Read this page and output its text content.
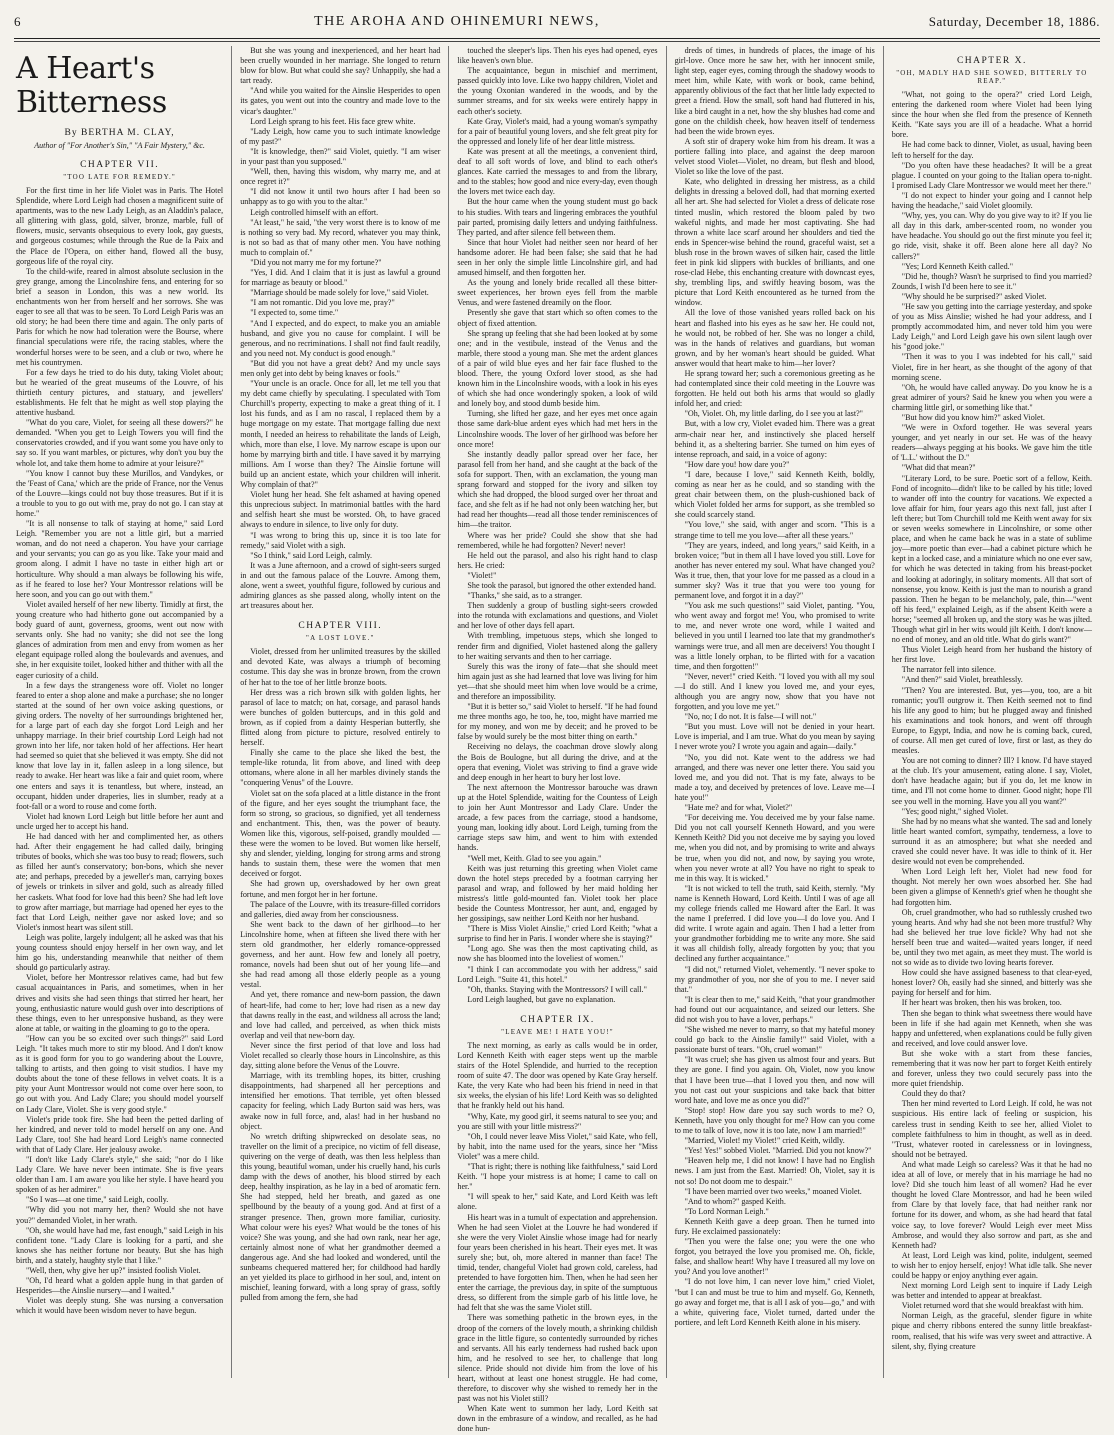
6	THE AROHA AND OHINEMURI NEWS,	Saturday, December 18, 1886.
A Heart's Bitterness
By BERTHA M. CLAY,
Author of "For Another's Sin," "A Fair Mystery," &c.
CHAPTER VII.
"TOO LATE FOR REMEDY."

For the first time in her life Violet was in Paris. The Hotel Splendide, where Lord Leigh had chosen a magnificent suite of apartments, was to the new Lady Leigh, as an Aladdin's palace, all glittering with glass, gold, silver, bronze, marble, full of flowers, music, servants obsequious to every look, gay guests, and gorgeous costumes; while through the Rue de la Paix and the Place de l'Opera, on either hand, flowed all the busy, gorgeous life of the royal city.

To the child-wife, reared in almost absolute seclusion in the grey grange, among the Lincolnshire fens, and entering for so brief a season in London, this was a new world. Its enchantments won her from herself and her sorrows. She was eager to see all that was to be seen. To Lord Leigh Paris was an old story; he had been there time and again. The only parts of Paris for which he now had toleration were the Bourse, where financial speculations were rife, the racing stables, where the wonderful horses were to be seen, and a club or two, where he met his countrymen.

For a few days he tried to do his duty, taking Violet about; but he wearied of the great museums of the Louvre, of his thirtieth century pictures, and statuary, and jewellers' establishments. He felt that he might as well stop playing the attentive husband.

"What do you care, Violet, for seeing all these dowers?" he demanded. "When you get to Leigh Towers you will find the conservatories crowded, and if you want some you have only to say so. If you want marbles, or pictures, why don't you buy the whole lot, and take them home to admire at your leisure?"

"You know I cannot buy these Murillos, and Vandykes, or the 'Feast of Cana,' which are the pride of France, nor the Venus of the Louvre—kings could not buy those treasures. But if it is a trouble to you to go out with me, pray do not go. I can stay at home."

"It is all nonsense to talk of staying at home," said Lord Leigh. "Remember you are not a little girl, but a married woman, and do not need a chaperon. You have your carriage and your servants; you can go as you like. Take your maid and groom along. I admit I have no taste in either high art or horticulture. Why should a man always be following his wife, as if he feared to lose her? Your Montressor relations will be here soon, and you can go out with them."

Violet availed herself of her new liberty. Timidly at first, the young creature who had hitherto gone out accompanied by a body guard of aunt, governess, grooms, went out now with servants only. She had no vanity; she did not see the long glances of admiration from men and envy from women as her elegant equipage rolled along the boulevards and avenues, and she, in her exquisite toilet, looked hither and thither with all the eager curiosity of a child.

In a few days the strangeness wore off. Violet no longer feared to enter a shop alone and make a purchase; she no longer started at the sound of her own voice asking questions, or giving orders. The novelty of her surroundings brightened her, for a large part of each day she forgot Lord Leigh and her unhappy marriage. In their brief courtship Lord Leigh had not grown into her life, nor taken hold of her affections. Her heart had seemed so quiet that she believed it was empty. She did not know that love lay in it, fallen asleep in a long silence, but ready to awake. Her heart was like a fair and quiet room, where one enters and says it is tenantless, but where, instead, an occupant, hidden under draperies, lies in slumber, ready at a foot-fall or a word to rouse and come forth.

Violet had known Lord Leigh but little before her aunt and uncle urged her to accept his hand.

He had danced with her and complimented her, as others had. After their engagement he had called daily, bringing tributes of books, which she was too busy to read; flowers, such as filled her aunt's conservatory; bon-bons, which she never ate; and perhaps, preceded by a jeweller's man, carrying boxes of jewels or trinkets in silver and gold, such as already filled her caskets. What food for love had this been? She had left love to grow after marriage, but marriage had opened her eyes to the fact that Lord Leigh, neither gave nor asked love; and so Violet's inmost heart was silent still.

Leigh was polite, largely indulgent; all he asked was that his young countess should enjoy herself in her own way, and let him go his, understanding meanwhile that neither of them should go particularly astray.

Violet, before her Montressor relatives came, had but few casual acquaintances in Paris, and sometimes, when in her drives and visits she had seen things that stirred her heart, her young, enthusiastic nature would gush over into descriptions of these things, even to her unresponsive husband, as they were alone at table, or waiting in the gloaming to go to the opera.

"How can you be so excited over such things?" said Lord Leigh. "It takes much more to stir my blood. And I don't know as it is good form for you to go wandering about the Louvre, talking to artists, and then going to visit studios. I have my doubts about the tone of these fellows in velvet coats. It is a pity your Aunt Montressor would not come over here soon, to go out with you. And Lady Clare; you should model yourself on Lady Clare, Violet. She is very good style."

Violet's pride took fire. She had been the petted darling of her kindred, and never told to model herself on any one. And Lady Clare, too! She had heard Lord Leigh's name connected with that of Lady Clare. Her jealousy awoke.

"I don't like Lady Clare's style," she said; "nor do I like Lady Clare. We have never been intimate. She is five years older than I am. I am aware you like her style. I have heard you spoken of as her admirer."

"So I was—at one time," said Leigh, coolly.

"Why did you not marry her, then? Would she not have you?" demanded Violet, in her wrath.

"Oh, she would have had me, fast enough," said Leigh in his confident tone. "Lady Clare is looking for a partí, and she knows she has neither fortune nor beauty. But she has high birth, and a stately, haughty style that I like."

"Well, then, why give her up?" insisted foolish Violet.

"Oh, I'd heard what a golden apple hung in that garden of Hesperides—the Ainslie nursery—and I waited."

Violet was deeply stung. She was nursing a conversation which it would have been wisdom never to have begun.

But she was young and inexperienced, and her heart had been cruelly wounded in her marriage. She longed to return blow for blow. But what could she say? Unhappily, she had a tart ready.

"And while you waited for the Ainslie Hesperides to open its gates, you went out into the country and made love to the vicar's daughter."

Lord Leigh sprang to his feet. His face grew white.

"Lady Leigh, how came you to such intimate knowledge of my past?"

"It is knowledge, then?" said Violet, quietly. "I am wiser in your past than you supposed."

"Well, then, having this wisdom, why marry me, and at once regret it?"

"I did not know it until two hours after I had been so unhappy as to go with you to the altar."

Leigh controlled himself with an effort.

"At least," he said, "the very worst there is to know of me is nothing so very bad. My record, whatever you may think, is not so bad as that of many other men. You have nothing much to complain of."

"Did you not marry me for my fortune?"

"Yes, I did. And I claim that it is just as lawful a ground for marriage as beauty or blood."

"Marriage should be made solely for love," said Violet.

"I am not romantic. Did you love me, pray?"

"I expected to, some time."

"And I expected, and do expect, to make you an amiable husband, and give you no cause for complaint. I will be generous, and no recriminations. I shall not find fault readily, and you need not. My conduct is good enough."

"But did you not have a great debt? And my uncle says men only get into debt by being knaves or fools."

"Your uncle is an oracle. Once for all, let me tell you that my debt came chiefly by speculating. I speculated with Tom Churchill's property, expecting to make a great thing of it. I lost his funds, and as I am no rascal, I replaced them by a huge mortgage on my estate. That mortgage falling due next month, I needed an heiress to rehabilitate the lands of Leigh, which, more than else, I love. My narrow escape is upon our home by marrying birth and title. I have saved it by marrying millions. Am I worse than they? The Ainslie fortune will build up an ancient estate, which your children will inherit. Why complain of that?"

Violet hung her head. She felt ashamed at having opened this unprecious subject. In matrimonial battles with the hard and selfish heart she must be worsted. Oh, to have graced always to endure in silence, to live only for duty.

"I was wrong to bring this up, since it is too late for remedy," said Violet with a sigh.

"So I think," said Lord Leigh, calmly.

It was a June afternoon, and a crowd of sight-seers surged in and out the famous palace of the Louvre. Among them, alone, went a sweet, youthful figure, followed by curious and admiring glances as she passed along, wholly intent on the art treasures about her.

CHAPTER VIII.
"A LOST LOVE."

Violet, dressed from her unlimited treasures by the skilled and devoted Kate, was always a triumph of becoming costume. This day she was in bronze brown, from the crown of her hat to the toe of her little bronze boots.

Her dress was a rich brown silk with golden lights, her parasol of lace to match; on hat, corsage, and parasol hands were bunches of golden buttercups, and in this gold and brown, as if copied from a dainty Hesperian butterfly, she flitted along from picture to picture, resolved entirely to herself.

Finally she came to the place she liked the best, the temple-like rotunda, lit from above, and lined with deep ottomans, where alone in all her marbles divinely stands the "conquering Venus" of the Louvre.

Violet sat on the sofa placed at a little distance in the front of the figure, and her eyes sought the triumphant face, the form so strong, so gracious, so dignified, yet all tenderness and enchantment. This, then, was the power of beauty. Women like this, vigorous, self-poised, grandly moulded —these were the women to be loved. But women like herself, shy and slender, yielding, longing for strong arms and strong hands to sustain them, these were the women that men deceived or forgot.

She had grown up, overshadowed by her own great fortune, and men forgot her in her fortune.

The palace of the Louvre, with its treasure-filled corridors and galleries, died away from her consciousness.

She went back to the dawn of her girlhood—to her Lincolnshire home, when at fifteen she lived there with her stern old grandmother, her elderly romance-oppressed governess, and her aunt. How few and lonely all poetry, romance, novels had been shut out of her young life—and she had read among all those elderly people as a young vestal.

And yet, there romance and new-born passion, the dawn of heart-life, had come to her; love had risen as a new day that dawns really in the east, and wildness all across the land; and love had called, and perceived, as when thick mists overlap and veil that new-born day.

Never since the first period of that love and loss had Violet recalled so clearly those hours in Lincolnshire, as this day, sitting alone before the Venus of the Louvre.

Marriage, with its trembling hopes, its bitter, crushing disappointments, had sharpened all her perceptions and intensified her emotions. That terrible, yet often blessed capacity for feeling, which Lady Burton said was hers, was awake now in full force, and, alas! had in her husband no object.

No wretch drifting shipwrecked on desolate seas, no traveller on the limit of a precipice, no victim of fell disease, quivering on the verge of death, was then less helpless than this young, beautiful woman, under his cruelly hand, his curls damp with the dews of another, his blood stirred by each deep, healthy inspiration, as he lay in a bed of aromatic fern. She had stepped, held her breath, and gazed as one spellbound by the beauty of a young god. And at first of a stranger presence. Then, grown more familiar, curiosity. What colour were his eyes? What would be the tones of his voice? She was young, and she had own rank, near her age, certainly almost none of what her grandmother deemed a dangerous age. And she had looked and wondered, until the sunbeams chequered mattered her; for childhood had hardly an yet yielded its place to girlhood in her soul, and, intent on mischief, leaning forward, with a long spray of grass, softly pulled from among the fern, she had

touched the sleeper's lips. Then his eyes had opened, eyes like heaven's own blue.

The acquaintance, begun in mischief and merriment, passed quickly into love. Like two happy children, Violet and the young Oxonian wandered in the woods, and by the summer streams, and for six weeks were entirely happy in each other's society.

Kate Gray, Violet's maid, had a young woman's sympathy for a pair of beautiful young lovers, and she felt great pity for the oppressed and lonely life of her dear little mistress.

Kate was present at all the meetings, a convenient third, deaf to all soft words of love, and blind to each other's glances. Kate carried the messages to and from the library, and to the stables; how good and nice every-day, even though the lovers met twice each day.

But the hour came when the young student must go back to his studies. With tears and lingering embraces the youthful pair parted, promising daily letters and undying faithfulness. They parted, and after silence fell between them.

Since that hour Violet had neither seen nor heard of her handsome adorer. He had been false; she said that he had seen in her only the simple little Lincolnshire girl, and had amused himself, and then forgotten her.

As the young and lonely bride recalled all these bitter-sweet experiences, her brown eyes fell from the marble Venus, and were fastened dreamily on the floor.

Presently she gave that start which so often comes to the object of fixed attention.

She sprang up feeling that she had been looked at by some one; and in the vestibule, instead of the Venus and the marble, there stood a young man. She met the ardent glances of a pair of wild blue eyes and her fair face flushed to the blood. There, the young Oxford lover stood, as she had known him in the Lincolnshire woods, with a look in his eyes of which she had once wonderingly spoken, a look of wild and lonely boy, and stood dumb beside him.

Turning, she lifted her gaze, and her eyes met once again those same dark-blue ardent eyes which had met hers in the Lincolnshire woods. The lover of her girlhood was before her once more!

She instantly deadly pallor spread over her face, her parasol fell from her hand, and she caught at the back of the sofa for support. Then, with an exclamation, the young man sprang forward and stopped for the ivory and silken toy which she had dropped, the blood surged over her throat and face, and she felt as if he had not only been watching her, but had read her thoughts—read all those tender reminiscences of him—the traitor.

Where was her pride? Could she show that she had remembered, while he had forgotten? Never! never!

He held out the parasol, and also his right hand to clasp hers. He cried:

"Violet!"

She took the parasol, but ignored the other extended hand.

"Thanks," she said, as to a stranger.

Then suddenly a group of bustling sight-seers crowded into the rotunda with exclamations and questions, and Violet and her love of other days fell apart.

With trembling, impetuous steps, which she longed to render firm and dignified, Violet hastened along the gallery to her waiting servants and then to her carriage.

Surely this was the irony of fate—that she should meet him again just as she had learned that love was living for him yet—that she should meet him when love would be a crime, and therefore an impossibility.

"But it is better so," said Violet to herself. "If he had found me three months ago, he too, he, too, might have married me for my money, and won me by deceit; and he proved to be false by would surely be the most bitter thing on earth."

Receiving no delays, the coachman drove slowly along the Bois de Boulogne, but all during the drive, and at the opera that evening, Violet was striving to find a grave wide and deep enough in her heart to bury her lost love.

The next afternoon the Montressor barouche was drawn up at the Hotel Splendide, waiting for the Countess of Leigh to join her Aunt Montressor and Lady Clare. Under the arcade, a few paces from the carriage, stood a handsome, young man, looking idly about. Lord Leigh, turning from the carriage steps saw him, and went to him with extended hands.

"Well met, Keith. Glad to see you again."

Keith was just returning this greeting when Violet came down the hotel steps preceded by a footman carrying her parasol and wrap, and followed by her maid holding her mistress's little gold-mounted fan. Violet took her place beside the Countess Montressor, her aunt, and, engaged by her gossipings, saw neither Lord Keith nor her husband.

"There is Miss Violet Ainslie," cried Lord Keith; "what a surprise to find her in Paris. I wonder where she is staying?"

"Long ago. She was then the most captivating child, as now she has bloomed into the loveliest of women."

"I think I can accommodate you with her address," said Lord Leigh. "Suite 41, this hotel."

"Oh, thanks. Staying with the Montressors? I will call."

Lord Leigh laughed, but gave no explanation.

CHAPTER IX.
"LEAVE ME! I HATE YOU!"

The next morning, as early as calls would be in order, Lord Kenneth Keith with eager steps went up the marble stairs of the Hotel Splendide, and hurried to the reception room of suite 47. The door was opened by Kate Gray herself. Kate, the very Kate who had been his friend in need in that six weeks, the elysian of his life! Lord Keith was so delighted that he frankly held out his hand.

"Why, Kate, my good girl, it seems natural to see you; and you are still with your little mistress?"

"Oh, I could never leave Miss Violet," said Kate, who fell, by habit, into the name used for the years, since her "Miss Violet" was a mere child.

"That is right; there is nothing like faithfulness," said Lord Keith. "I hope your mistress is at home; I came to call on her."

"I will speak to her," said Kate, and Lord Keith was left alone.

His heart was in a tumult of expectation and apprehension. When he had seen Violet at the Louvre he had wondered if she were the very Violet Ainslie whose image had for nearly four years been cherished in his heart. Their eyes met. It was surely she; but, oh, more altered in manner than face! The timid, tender, changeful Violet had grown cold, careless, had pretended to have forgotten him. Then, when he had seen her enter the carriage, the previous day, in spite of the sumptuous dress, so different from the simple garb of his little love, he had felt that she was the same Violet still.

There was something pathetic in the brown eyes, in the droop of the corners of the lovely mouth, a shrinking childish grace in the little figure, so contentedly surrounded by riches and servants. All his early tenderness had rushed back upon him, and he resolved to see her, to challenge that long silence. Pride should not divide him from the love of his heart, without at least one honest struggle. He had come, therefore, to discover why she wished to remedy her in the past was not his Violet still?

When Kate went to summon her lady, Lord Keith sat down in the embrasure of a window, and recalled, as he had done hun-

dreds of times, in hundreds of places, the image of his girl-love. Once more he saw her, with her innocent smile, light step, eager eyes, coming through the shadowy woods to meet him, while Kate, with work or book, came behind, apparently oblivious of the fact that her little lady expected to greet a friend. How the small, soft hand had fluttered in his, like a bird caught in a net, how the shy blushes had come and gone on the childish cheek, how heaven itself of tenderness had been the wide brown eyes.

A soft stir of drapery woke him from his dream. It was a portiere falling into place, and against the deep maroon velvet stood Violet—Violet, no dream, but flesh and blood, Violet so like the love of the past.

Kate, who delighted in dressing her mistress, as a child delights in dressing a beloved doll, had that morning exerted all her art. She had selected for Violet a dress of delicate rose tinted muslin, which restored the bloom paled by two wakeful nights, and made her most captivating. She had thrown a white lace scarf around her shoulders and tied the ends in Spencer-wise behind the round, graceful waist, set a blush rose in the brown waves of silken hair, cased the little feet in pink kid slippers with buckles of brilliants, and one rose-clad Hebe, this enchanting creature with downcast eyes, shy, trembling lips, and swiftly heaving bosom, was the picture that Lord Keith encountered as he turned from the window.

All the love of those vanished years rolled back on his heart and flashed into his eyes as he saw her. He could not, he would not, be robbed of her. She was no longer a child, was in the hands of relatives and guardians, but woman grown, and by her woman's heart should be guided. What answer would that heart make to him—her lover?

He sprang toward her; such a coremonious greeting as he had contemplated since their cold meeting in the Louvre was forgotten. He held out both his arms that would so gladly infold her, and cried:

"Oh, Violet. Oh, my little darling, do I see you at last?"

But, with a low cry, Violet evaded him. There was a great arm-chair near her, and instinctively she placed herself behind it, as a sheltering barrier. She turned on him eyes of intense reproach, and said, in a voice of agony:

"How dare you! how dare you?"

"I dare, because I love," said Kenneth Keith, boldly, coming as near her as he could, and so standing with the great chair between them, on the plush-cushioned back of which Violet folded her arms for support, as she trembled so she could scarcely stand.

"You love," she said, with anger and scorn. "This is a strange time to tell me you love—after all these years."

"They are years, indeed, and long years," said Keith, in a broken voice; "but in them all I have loved you still. Love for another has never entered my soul. What have changed you? Was it true, then, that your love for me passed as a cloud in a summer sky? Was it true that you were too young for permanent love, and forgot it in a day?"

"You ask me such questions!" said Violet, panting. "You, who went away and forgot me! You, who promised to write to me, and never wrote one word, while I waited and believed in you until I learned too late that my grandmother's warnings were true, and all men are deceivers! You thought I was a little lonely orphan, to be flirted with for a vacation time, and then forgotten!"

"Never, never!" cried Keith. "I loved you with all my soul—I do still. And I knew you loved me, and your eyes, although you are angry now, show that you have not forgotten, and you love me yet."

"No, no; I do not. It is false—I will not."

"But you must. Love will not be denied in your heart. Love is imperial, and I am true. What do you mean by saying I never wrote you? I wrote you again and again—daily."

"No, you did not. Kate went to the address we had arranged, and there was never one letter there. You said you loved me, and you did not. That is my fate, always to be made a toy, and deceived by pretences of love. Leave me—I hate you!"

"Hate me? and for what, Violet?"

"For deceiving me. You deceived me by your false name. Did you not call yourself Kenneth Howard, and you were Kenneth Keith? Did you not deceive me by saying you loved me, when you did not, and by promising to write and always be true, when you did not, and now, by saying you wrote, when you never wrote at all? You have no right to speak to me in this way. It is wicked."

"It is not wicked to tell the truth, said Keith, sternly. "My name is Kenneth Howard, Lord Keith. Until I was of age all my college friends called me Howard after the Earl. It was the name I preferred. I did love you—I do love you. And I did write. I wrote again and again. Then I had a letter from your grandmother forbidding me to write any more. She said it was all childish folly, already forgotten by you; that you declined any further acquaintance."

"I did not," returned Violet, vehemently. "I never spoke to my grandmother of you, nor she of you to me. I never said that."

"It is clear then to me," said Keith, "that your grandmother had found out our acquaintance, and seized our letters. She did not wish you to have a lover, perhaps."

"She wished me never to marry, so that my hateful money could go back to the Ainslie family!" said Violet, with a passionate burst of tears. "Oh, cruel woman!"

"It was cruel; she has given us almost four and years. But they are gone. I find you again. Oh, Violet, now you know that I have been true—that I loved you then, and now will you not cast out your suspicions and take back that bitter word hate, and love me as once you did?"

"Stop! stop! How dare you say such words to me? O, Kenneth, have you only thought for me? How can you come to me to talk of love, now it is too late, now I am married!"

"Married, Violet! my Violet!" cried Keith, wildly.

"Yes! Yes!" sobbed Violet. "Married. Did you not know?"

"Heaven help me, I did not know! I have had no English news. I am just from the East. Married! Oh, Violet, say it is not so! Do not doom me to despair."

"I have been married over two weeks," moaned Violet.

"And to whom?" gasped Keith.

"To Lord Norman Leigh."

Kenneth Keith gave a deep groan. Then he turned into fury. He exclaimed passionately:

"Then you were the false one; you were the one who forgot, you betrayed the love you promised me. Oh, fickle, false, and shallow heart! Why have I treasured all my love on you? And you love another!"

"I do not love him, I can never love him," cried Violet, "but I can and must be true to him and myself. Go, Kenneth, go away and forget me, that is all I ask of you—go," and with a white, quivering face, Violet turned, darted under the portiere, and left Lord Kenneth Keith alone in his misery.

CHAPTER X.
"OH, MADLY HAD SHE SOWED, BITTERLY TO REAP."

"What, not going to the opera?" cried Lord Leigh, entering the darkened room where Violet had been lying since the hour when she fled from the presence of Kenneth Keith. "Kate says you are ill of a headache. What a horrid bore.

He had come back to dinner, Violet, as usual, having been left to herself for the day.

"Do you often have these headaches? It will be a great plague. I counted on your going to the Italian opera to-night. I promised Lady Clare Montressor we would meet her there."

"I do not expect to hinder your going and I cannot help having the headache," said Violet gloomily.

"Why, yes, you can. Why do you give way to it? If you lie all day in this dark, amber-scented room, no wonder you have headache. You should go out the first minute you feel it; go ride, visit, shake it off. Been alone here all day? No callers?"

"Yes; Lord Kenneth Keith called."

"Did he, though? Wasn't he surprised to find you married? Zounds, I wish I'd been here to see it."

"Why should he be surprised?" asked Violet.

"He saw you getting into the carriage yesterday, and spoke of you as Miss Ainslie; wished he had your address, and I promptly accommodated him, and never told him you were Lady Leigh," and Lord Leigh gave his own silent laugh over his "good joke."

"Then it was to you I was indebted for his call," said Violet, fire in her heart, as she thought of the agony of that morning scene.

"Oh, he would have called anyway. Do you know he is a great admirer of yours? Said he knew you when you were a charming little girl, or something like that."

"But how did you know him?" asked Violet.

"We were in Oxford together. He was several years younger, and yet nearly in our set. He was of the heavy readers—always pegging at his books. We gave him the title of 'L.L.' without the D."

"What did that mean?"

"Literary Lord, to be sure. Poetic sort of a fellow, Keith. Fond of incognito—didn't like to be called by his title; loved to wander off into the country for vacations. We expected a love affair for him, four years ago this next fall, just after I left there; but Tom Churchill told me Keith went away for six or seven weeks somewhere in Lincolnshire, or some other place, and when he came back he was in a state of sublime joy—more poetic than ever—had a cabinet picture which he kept in a locked case, and a miniature which no one ever saw, for which he was detected in taking from his breast-pocket and looking at adoringly, in solitary moments. All that sort of nonsense, you know. Keith is just the man to nourish a grand passion. Then he began to be melancholy, pale, thin—"went off his feed," explained Leigh, as if the absent Keith were a horse; "seemed all broken up, and the story was he was jilted. Though what girl in her wits would jilt Keith. I don't know—no end of money, and an old title. What do girls want?"

Thus Violet Leigh heard from her husband the history of her first love.

The narrator fell into silence.

"And then?" said Violet, breathlessly.

"Then? You are interested. But, yes—you, too, are a bit romantic; you'll outgrow it. Then Keith seemed not to find his life any good to him; but he plugged away and finished his examinations and took honors, and went off through Europe, to Egypt, India, and now he is coming back, cured, of course. All men get cured of love, first or last, as they do measles.

You are not coming to dinner? Ill? I know. I'd have stayed at the club. It's your amusement, eating alone. I say, Violet, don't have headache again; but if you do, let me know in time, and I'll not come home to dinner. Good night; hope I'll see you well in the morning. Have you all you want?"

"Yes; good night," sighed Violet.

She had by no means what she wanted. The sad and lonely little heart wanted comfort, sympathy, tenderness, a love to surround it as an atmosphere; but what she needed and craved she could never have. It was idle to think of it. Her desire would not even be comprehended.

When Lord Leigh left her, Violet had new food for thought. Not merely her own woes absorbed her. She had been given a glimpse of Kenneth's grief when he thought she had forgotten him.

Oh, cruel grandmother, who had so ruthlessly crushed two young hearts. And why had she not been more trustful? Why had she believed her true love fickle? Why had not she herself been true and waited—waited years longer, if need be, until they two met again, as meet they must. The world is not so wide as to divide two loving hearts forever.

How could she have assigned baseness to that clear-eyed, honest lover? Oh, easily had she sinned, and bitterly was she paying for herself and for him.

If her heart was broken, then his was broken, too.

Then she began to think what sweetness there would have been in life if she had again met Kenneth, when she was happy and unfettered, when explanations could be fully given and received, and love could answer love.

But she woke with a start from these fancies, remembering that it was now her part to forget Keith entirely and forever, unless they two could securely pass into the more quiet friendship.

Could they do that?

Then her mind reverted to Lord Leigh. If cold, he was not suspicious. His entire lack of feeling or suspicion, his careless trust in sending Keith to see her, allied Violet to complete faithfulness to him in thought, as well as in deed. "Trust, whatever rooted in carelessness or in lovingness, should not be betrayed.

And what made Leigh so careless? Was it that he had no idea at all of love, or merely that in his marriage he had no love? Did she touch him least of all women? Had he ever thought he loved Clare Montressor, and had he been wiled from Clare by that lovely face, that had neither rank nor fortune for its dower, and whom, as she had heard that fatal voice say, to love forever? Would Leigh ever meet Miss Ambrose, and would they also sorrow and part, as she and Kenneth had?

At least, Lord Leigh was kind, polite, indulgent, seemed to wish her to enjoy herself, enjoy! What idle talk. She never could be happy or enjoy anything ever again.

Next morning Lord Leigh sent to inquire if Lady Leigh was better and intended to appear at breakfast.

Violet returned word that she would breakfast with him.

Norman Leigh, as the graceful, slender figure in white pique and cherry ribbons entered the sunny little breakfast-room, realised, that his wife was very sweet and attractive. A silent, shy, flying creature
